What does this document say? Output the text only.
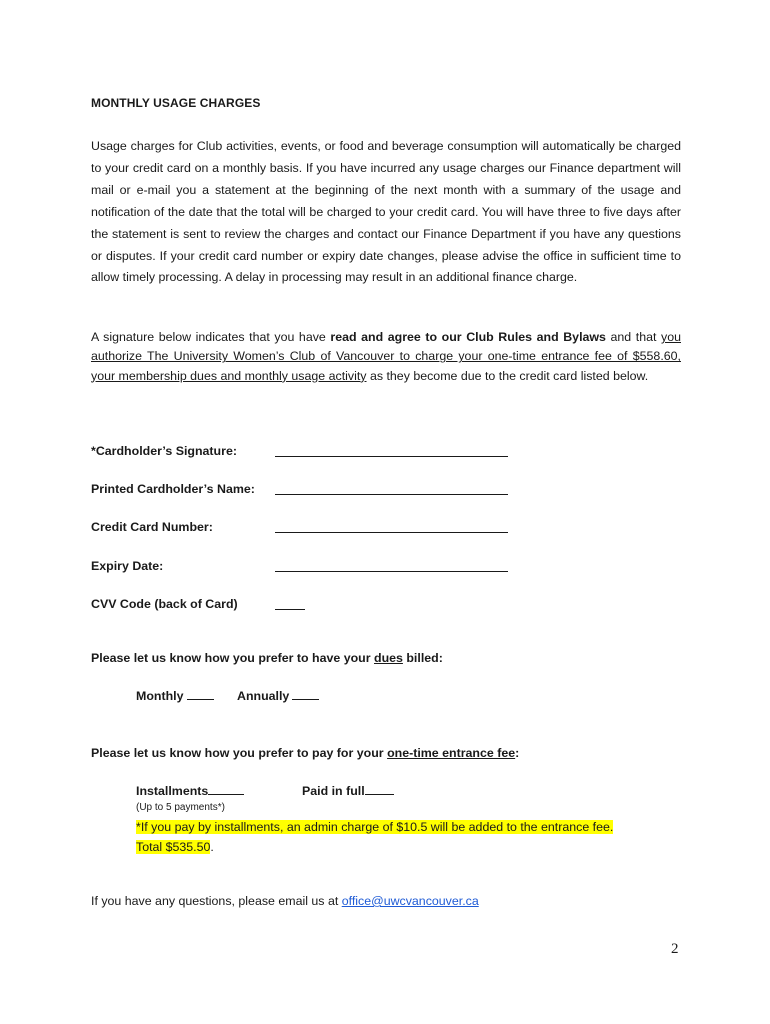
MONTHLY USAGE CHARGES
Usage charges for Club activities, events, or food and beverage consumption will automatically be charged to your credit card on a monthly basis. If you have incurred any usage charges our Finance department will mail or e-mail you a statement at the beginning of the next month with a summary of the usage and notification of the date that the total will be charged to your credit card. You will have three to five days after the statement is sent to review the charges and contact our Finance Department if you have any questions or disputes. If your credit card number or expiry date changes, please advise the office in sufficient time to allow timely processing. A delay in processing may result in an additional finance charge.
A signature below indicates that you have read and agree to our Club Rules and Bylaws and that you authorize The University Women’s Club of Vancouver to charge your one-time entrance fee of $558.60, your membership dues and monthly usage activity as they become due to the credit card listed below.
*Cardholder’s Signature:
Printed Cardholder’s Name:
Credit Card Number:
Expiry Date:
CVV Code (back of Card)
Please let us know how you prefer to have your dues billed:
Monthly	Annually
Please let us know how you prefer to pay for your one-time entrance fee:
Installments	Paid in full
(Up to 5 payments*)
*If you pay by installments, an admin charge of $10.5 will be added to the entrance fee.
Total $535.50.
If you have any questions, please email us at office@uwcvancouver.ca
2
